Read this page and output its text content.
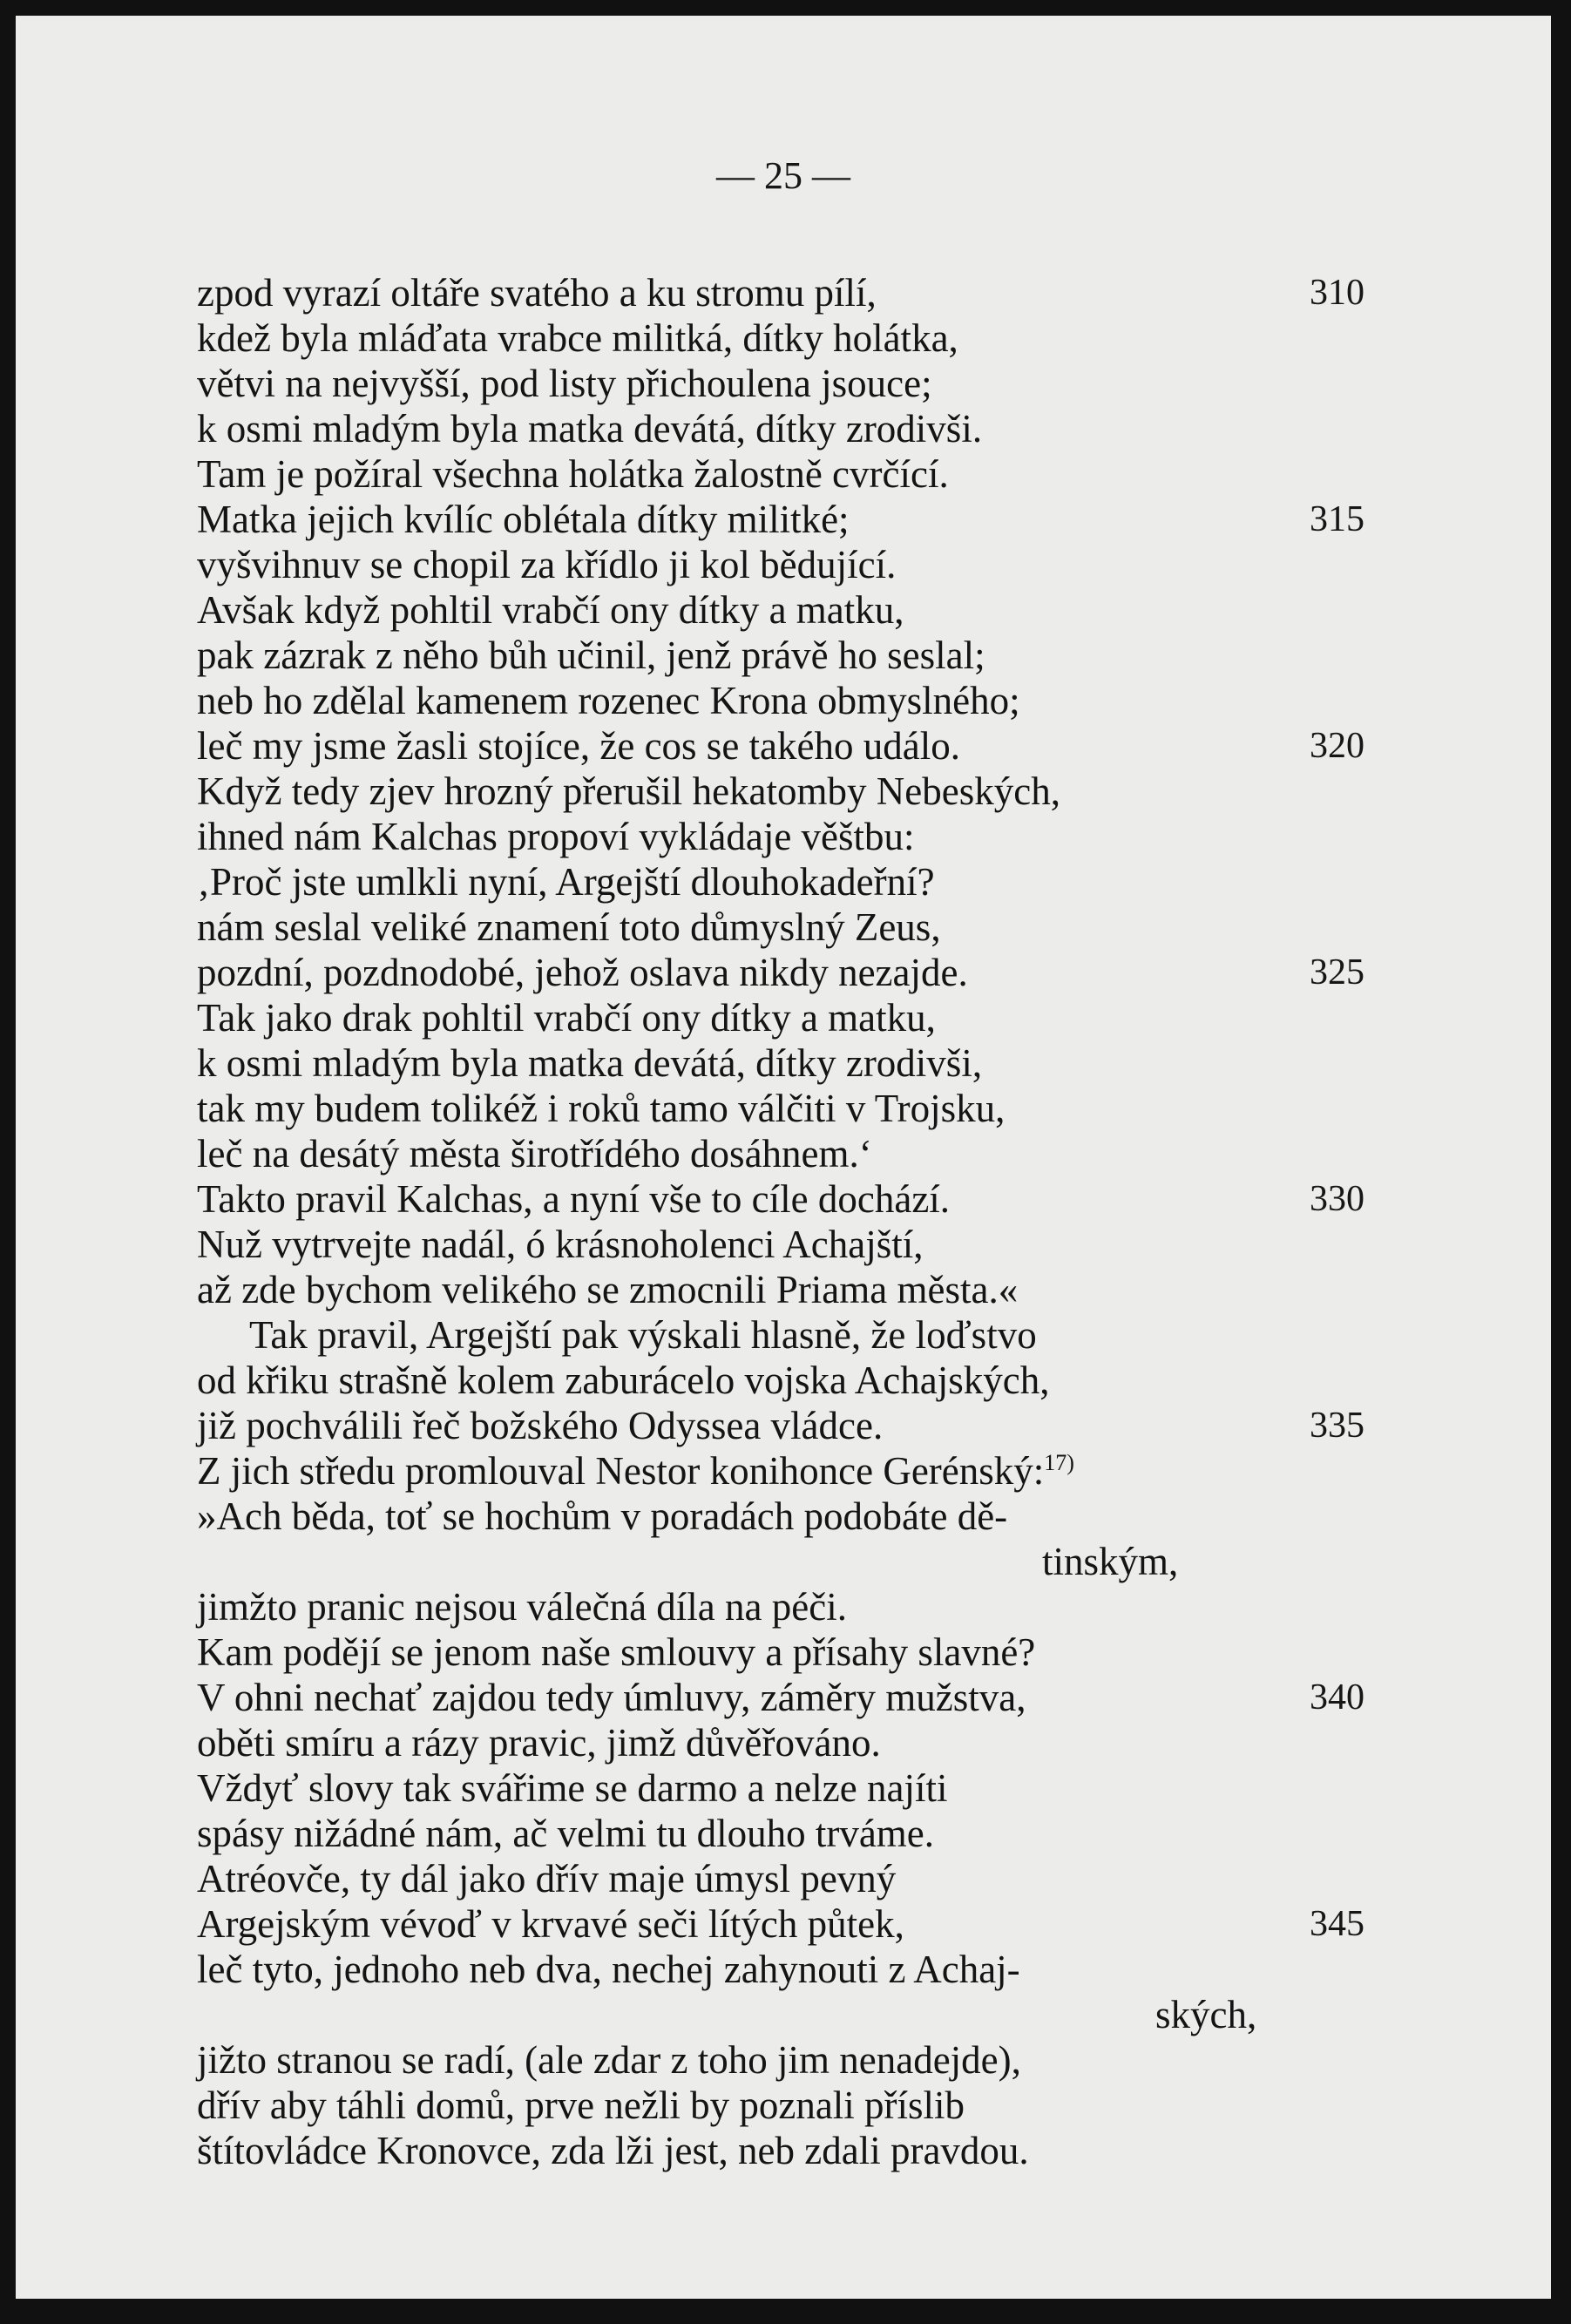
— 25 —
zpod vyrazí oltáře svatého a ku stromu pílí,	310
kdež byla mláďata vrabce militká, dítky holátka,
větvi na nejvyšší, pod listy přichoulena jsouce;
k osmi mladým byla matka devátá, dítky zrodivši.
Tam je požíral všechna holátka žalostně cvrčící.
Matka jejich kvílíc oblétala dítky militké;	315
vyšvihnuv se chopil za křídlo ji kol bědující.
Avšak když pohltil vrabčí ony dítky a matku,
pak zázrak z něho bůh učinil, jenž právě ho seslal;
neb ho zdělal kamenem rozenec Krona obmyslného;
leč my jsme žasli stojíce, že cos se takého událo.	320
Když tedy zjev hrozný přerušil hekatomby Nebeských,
ihned nám Kalchas propoví vykládaje věštbu:
‚Proč jste umlkli nyní, Argejští dlouhokadeřní?
nám seslal veliké znamení toto důmyslný Zeus,
pozdní, pozdnodobé, jehož oslava nikdy nezajde.	325
Tak jako drak pohltil vrabčí ony dítky a matku,
k osmi mladým byla matka devátá, dítky zrodivši,
tak my budem tolikéž i roků tamo válčiti v Trojsku,
leč na desátý města širotřídého dosáhnem.‘
Takto pravil Kalchas, a nyní vše to cíle dochází.	330
Nuž vytrvejte nadál, ó krásnoholenci Achajští,
až zde bychom velikého se zmocnili Priama města.«
Tak pravil, Argejští pak výskali hlasně, že loďstvo
od křiku strašně kolem zaburácelo vojska Achajských,
již pochválili řeč božského Odyssea vládce.	335
Z jich středu promlouval Nestor konihonce Gerénský:$^{17)}$
»Ach běda, toť se hochům v poradách podobáte dě-
tinským,
jimžto pranic nejsou válečná díla na péči.
Kam podějí se jenom naše smlouvy a přísahy slavné?
V ohni nechať zajdou tedy úmluvy, záměry mužstva,	340
oběti smíru a rázy pravic, jimž důvěřováno.
Vždyť slovy tak svářime se darmo a nelze najíti
spásy nižádné nám, ač velmi tu dlouho trváme.
Atréovče, ty dál jako dřív maje úmysl pevný
Argejským vévoď v krvavé seči lítých půtek,	345
leč tyto, jednoho neb dva, nechej zahynouti z Achaj-
ských,
jižto stranou se radí, (ale zdar z toho jim nenadejde),
dřív aby táhli domů, prve nežli by poznali příslib
štítovládce Kronovce, zda lži jest, neb zdali pravdou.
